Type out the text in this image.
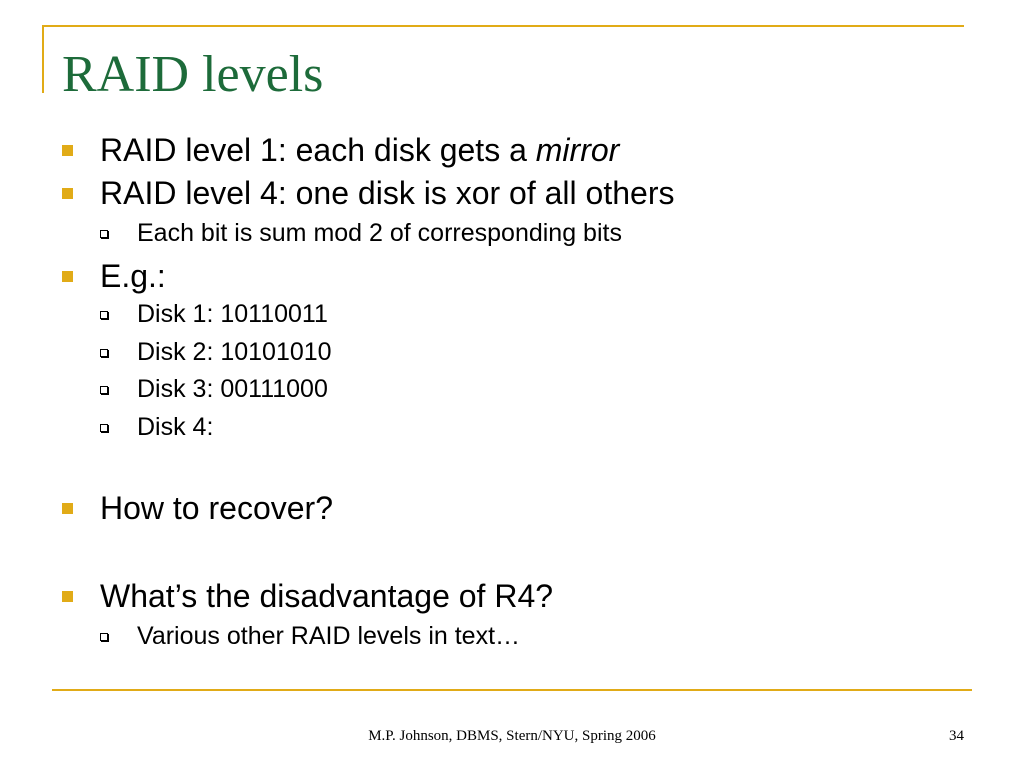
RAID levels
RAID level 1: each disk gets a mirror
RAID level 4: one disk is xor of all others
Each bit is sum mod 2 of corresponding bits
E.g.:
Disk 1: 10110011
Disk 2: 10101010
Disk 3: 00111000
Disk 4:
How to recover?
What’s the disadvantage of R4?
Various other RAID levels in text…
M.P. Johnson, DBMS, Stern/NYU, Spring 2006	34
